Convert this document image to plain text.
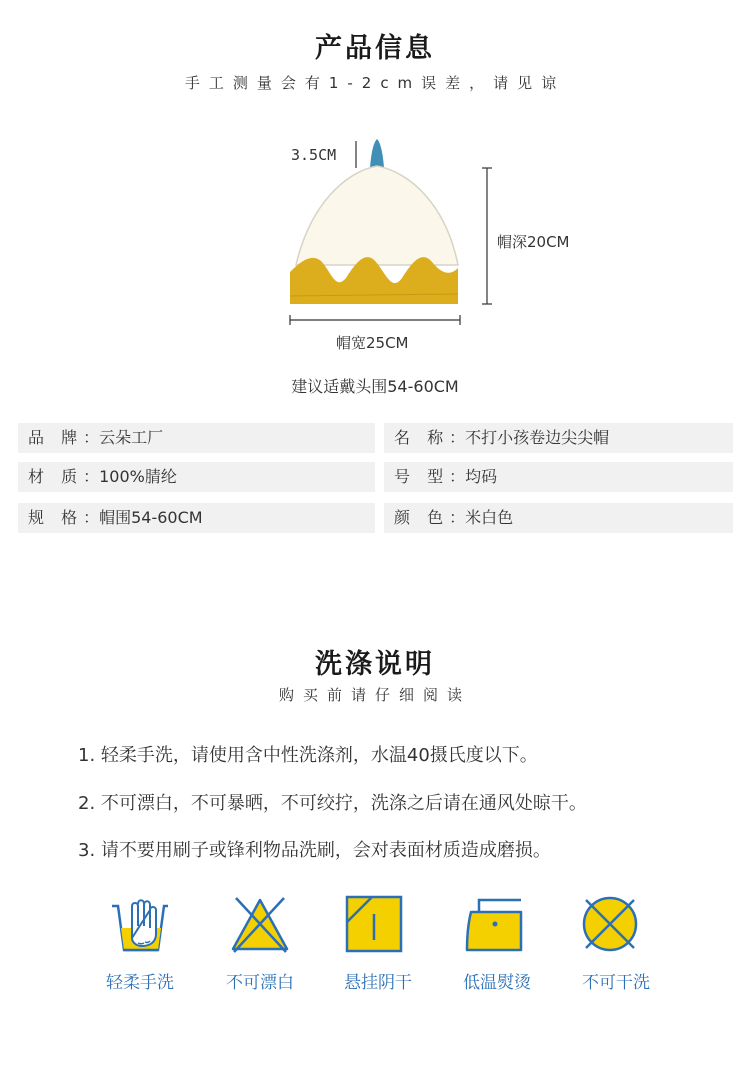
产品信息
手工测量会有1-2cm误差，请见谅
3.5CM
帽深20CM
帽宽25CM
建议适戴头围54-60CM
品 牌：云朵工厂	名 称：不打小孩卷边尖尖帽
材 质：100%腈纶	号 型：均码
规 格：帽围54-60CM	颜 色：米白色
洗涤说明
购买前请仔细阅读
1. 轻柔手洗，请使用含中性洗涤剂，水温40摄氏度以下。
2. 不可漂白，不可暴晒，不可绞拧，洗涤之后请在通风处晾干。
3. 请不要用刷子或锋利物品洗刷，会对表面材质造成磨损。
轻柔手洗	不可漂白	悬挂阴干	低温熨烫	不可干洗
